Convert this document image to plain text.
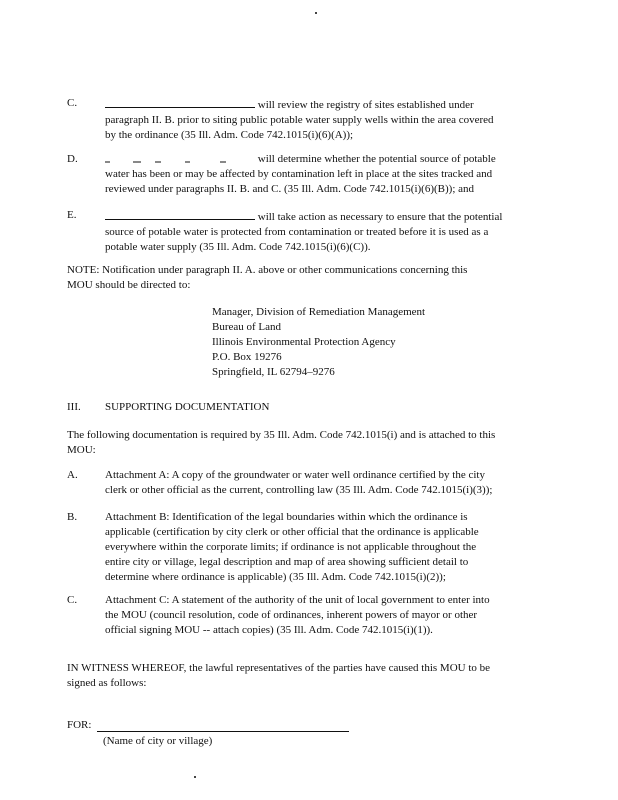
C.	will review the registry of sites established under
paragraph II. B. prior to siting public potable water supply wells within the area covered
by the ordinance (35 Ill. Adm. Code 742.1015(i)(6)(A));
D.	will determine whether the potential source of potable
water has been or may be affected by contamination left in place at the sites tracked and
reviewed under paragraphs II. B. and C. (35 Ill. Adm. Code 742.1015(i)(6)(B)); and
E.	will take action as necessary to ensure that the potential
source of potable water is protected from contamination or treated before it is used as a
potable water supply (35 Ill. Adm. Code 742.1015(i)(6)(C)).
NOTE: Notification under paragraph II. A. above or other communications concerning this
MOU should be directed to:
Manager, Division of Remediation Management
Bureau of Land
Illinois Environmental Protection Agency
P.O. Box 19276
Springfield, IL 62794–9276
III. SUPPORTING DOCUMENTATION
The following documentation is required by 35 Ill. Adm. Code 742.1015(i) and is attached to this
MOU:
A. Attachment A: A copy of the groundwater or water well ordinance certified by the city
clerk or other official as the current, controlling law (35 Ill. Adm. Code 742.1015(i)(3));
B.	Attachment B: Identification of the legal boundaries within which the ordinance is
applicable (certification by city clerk or other official that the ordinance is applicable
everywhere within the corporate limits; if ordinance is not applicable throughout the
entire city or village, legal description and map of area showing sufficient detail to
determine where ordinance is applicable) (35 Ill. Adm. Code 742.1015(i)(2));
C.	Attachment C: A statement of the authority of the unit of local government to enter into
the MOU (council resolution, code of ordinances, inherent powers of mayor or other
official signing MOU -- attach copies) (35 Ill. Adm. Code 742.1015(i)(1)).
IN WITNESS WHEREOF, the lawful representatives of the parties have caused this MOU to be
signed as follows:
FOR:
(Name of city or village)
